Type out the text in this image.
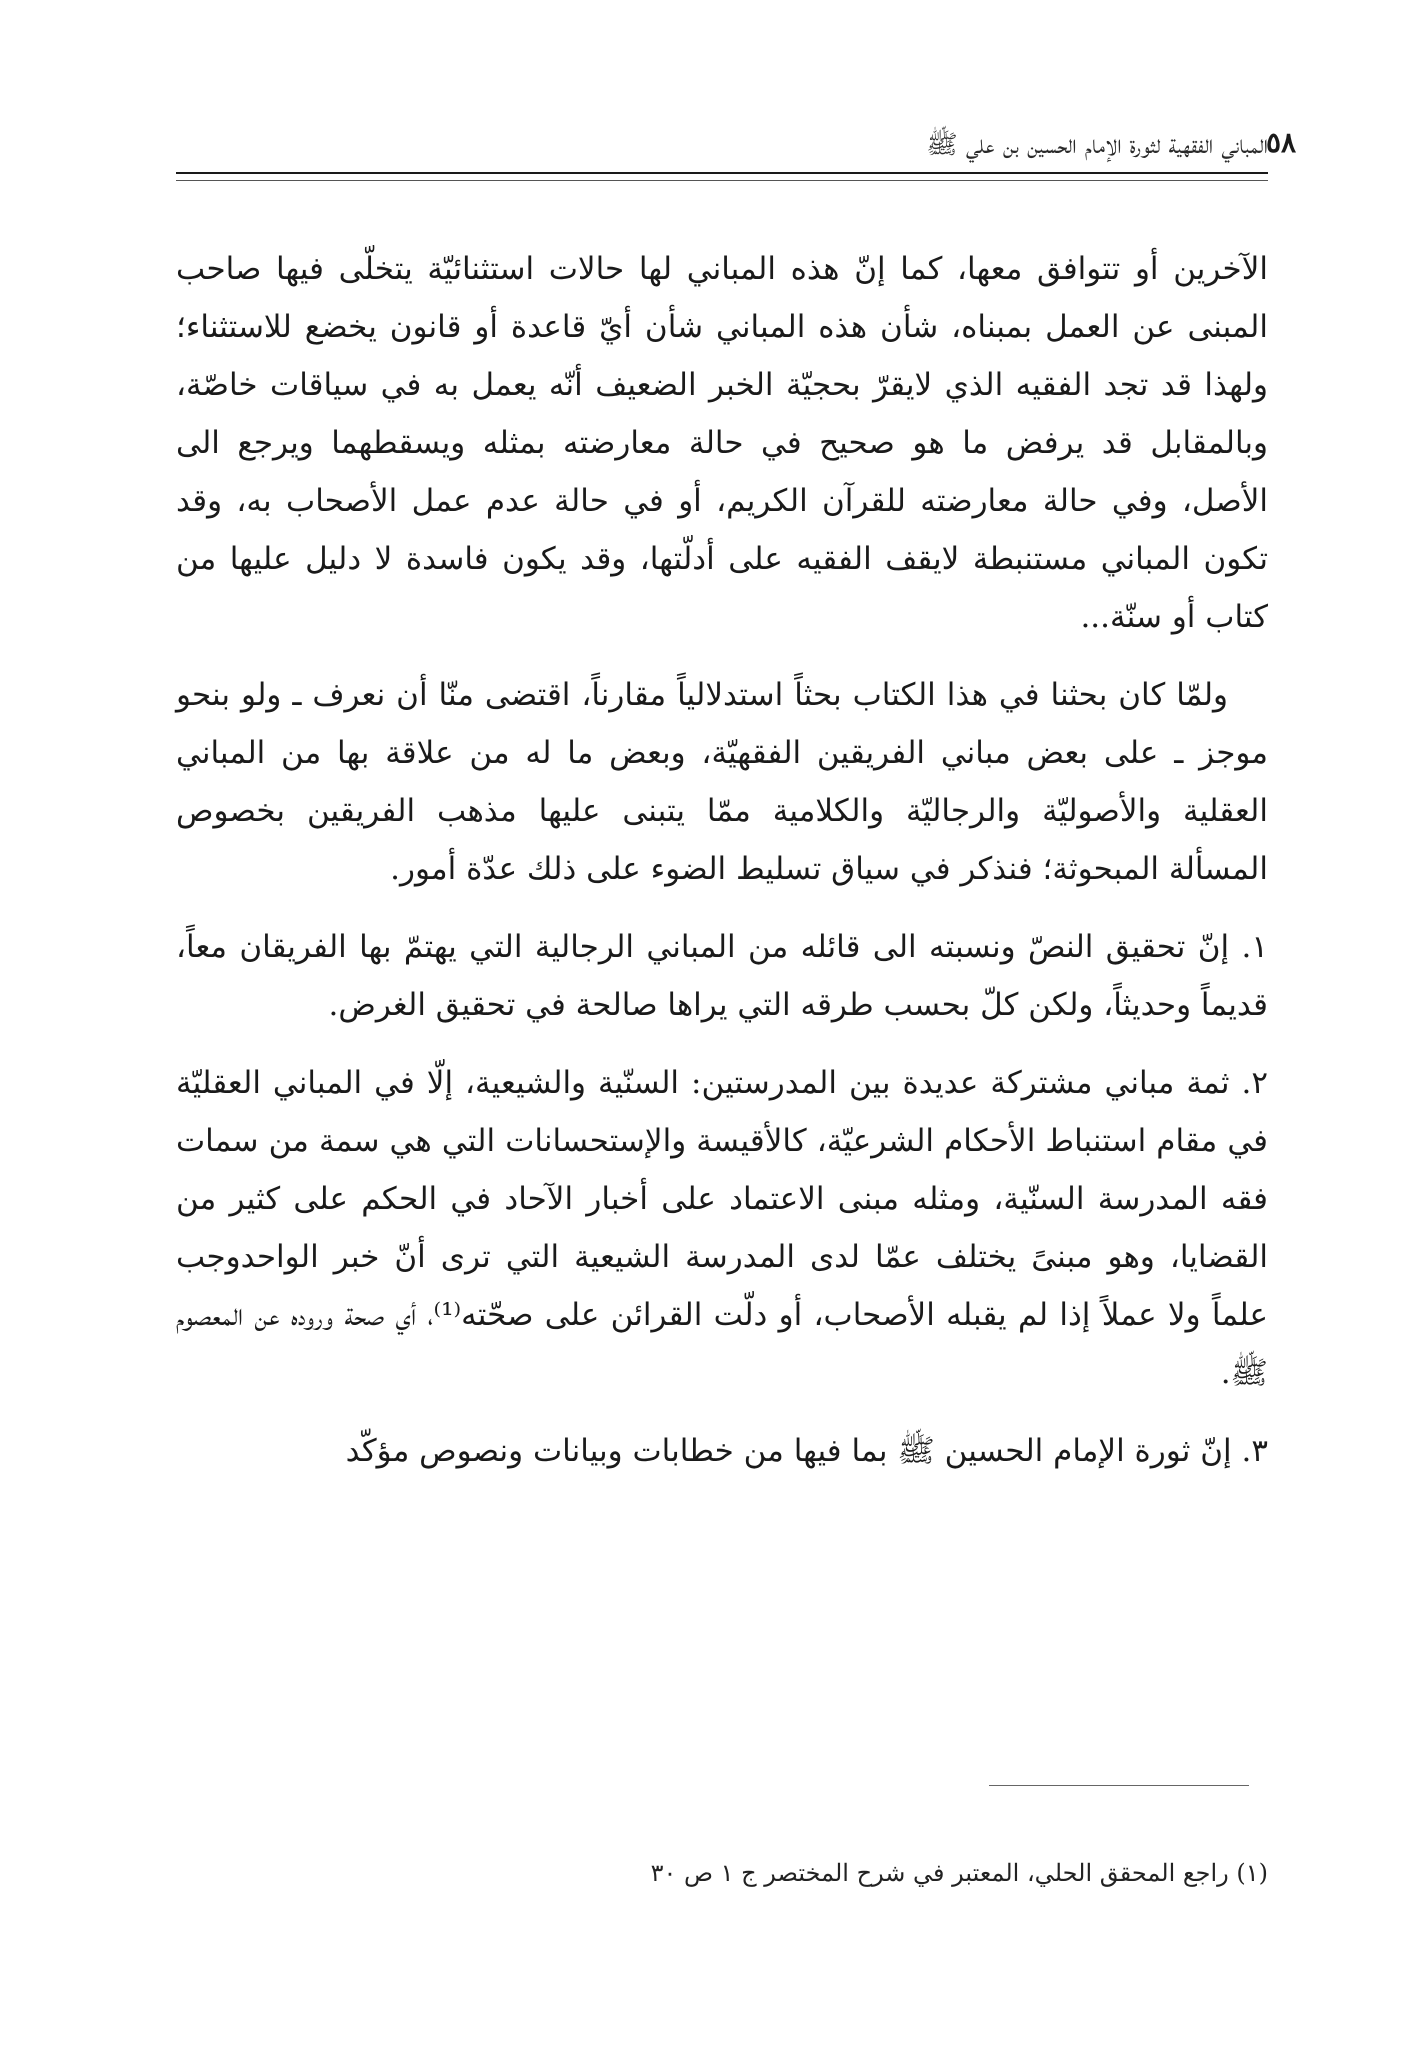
المباني الفقهية لثورة الإمام الحسين بن علي ﷺ
٥٨

الآخرين أو تتوافق معها، كما إنّ هذه المباني لها حالات استثنائيّة يتخلّى فيها صاحب المبنى عن العمل بمبناه، شأن هذه المباني شأن أيّ قاعدة أو قانون يخضع للاستثناء؛ ولهذا قد تجد الفقيه الذي لايقرّ بحجيّة الخبر الضعيف أنّه يعمل به في سياقات خاصّة، وبالمقابل قد يرفض ما هو صحيح في حالة معارضته بمثله ويسقطهما ويرجع الى الأصل، وفي حالة معارضته للقرآن الكريم، أو في حالة عدم عمل الأصحاب به، وقد تكون المباني مستنبطة لايقف الفقيه على أدلّتها، وقد يكون فاسدة لا دليل عليها من كتاب أو سنّة...

ولمّا كان بحثنا في هذا الكتاب بحثاً استدلالياً مقارناً، اقتضى منّا أن نعرف ـ ولو بنحو موجز ـ على بعض مباني الفريقين الفقهيّة، وبعض ما له من علاقة بها من المباني العقلية والأصوليّة والرجاليّة والكلامية ممّا يتبنى عليها مذهب الفريقين بخصوص المسألة المبحوثة؛ فنذكر في سياق تسليط الضوء على ذلك عدّة أمور.

١. إنّ تحقيق النصّ ونسبته الى قائله من المباني الرجالية التي يهتمّ بها الفريقان معاً، قديماً وحديثاً، ولكن كلّ بحسب طرقه التي يراها صالحة في تحقيق الغرض.

٢. ثمة مباني مشتركة عديدة بين المدرستين: السنّية والشيعية، إلّا في المباني العقليّة في مقام استنباط الأحكام الشرعيّة، كالأقيسة والإستحسانات التي هي سمة من سمات فقه المدرسة السنّية، ومثله مبنى الاعتماد على أخبار الآحاد في الحكم على كثير من القضايا، وهو مبنىً يختلف عمّا لدى المدرسة الشيعية التي ترى أنّ خبر الواحدوجب علماً ولا عملاً إذا لم يقبله الأصحاب، أو دلّت القرائن على صحّته⁽¹⁾، أي صحة وروده عن المعصوم ﷺ.

٣. إنّ ثورة الإمام الحسين ﷺ بما فيها من خطابات وبيانات ونصوص مؤكّد

(١) راجع المحقق الحلي، المعتبر في شرح المختصر ج ١ ص ٣٠
